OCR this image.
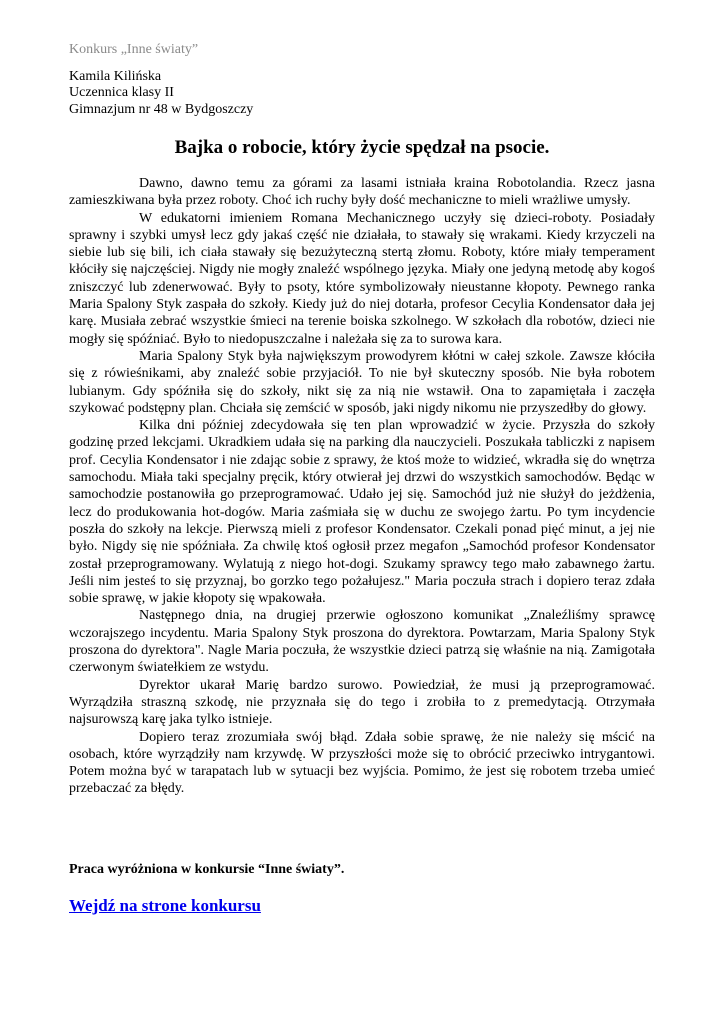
Konkurs „Inne światy”

Kamila Kilińska
Uczennica klasy II
Gimnazjum nr 48 w Bydgoszczy
Bajka o robocie, który życie spędzał na psocie.

Dawno, dawno temu za górami za lasami istniała kraina Robotolandia. Rzecz jasna zamieszkiwana była przez roboty. Choć ich ruchy były dość mechaniczne to mieli wrażliwe umysły.

W edukatorni imieniem Romana Mechanicznego uczyły się dzieci-roboty. Posiadały sprawny i szybki umysł lecz gdy jakaś część nie działała, to stawały się wrakami. Kiedy krzyczeli na siebie lub się bili, ich ciała stawały się bezużyteczną stertą złomu. Roboty, które miały temperament kłóciły się najczęściej. Nigdy nie mogły znaleźć wspólnego języka. Miały one jedyną metodę aby kogoś zniszczyć lub zdenerwować. Były to psoty, które symbolizowały nieustanne kłopoty. Pewnego ranka Maria Spalony Styk zaspała do szkoły. Kiedy już do niej dotarła, profesor Cecylia Kondensator dała jej karę. Musiała zebrać wszystkie śmieci na terenie boiska szkolnego. W szkołach dla robotów, dzieci nie mogły się spóźniać. Było to niedopuszczalne i należała się za to surowa kara.

Maria Spalony Styk była największym prowodyrem kłótni w całej szkole. Zawsze kłóciła się z rówieśnikami, aby znaleźć sobie przyjaciół. To nie był skuteczny sposób. Nie była robotem lubianym. Gdy spóźniła się do szkoły, nikt się za nią nie wstawił. Ona to zapamiętała i zaczęła szykować podstępny plan. Chciała się zemścić w sposób, jaki nigdy nikomu nie przyszedłby do głowy.

Kilka dni później zdecydowała się ten plan wprowadzić w życie. Przyszła do szkoły godzinę przed lekcjami. Ukradkiem udała się na parking dla nauczycieli. Poszukała tabliczki z napisem prof. Cecylia Kondensator i nie zdając sobie z sprawy, że ktoś może to widzieć, wkradła się do wnętrza samochodu. Miała taki specjalny pręcik, który otwierał jej drzwi do wszystkich samochodów. Będąc w samochodzie postanowiła go przeprogramować. Udało jej się. Samochód już nie służył do jeżdżenia, lecz do produkowania hot-dogów. Maria zaśmiała się w duchu ze swojego żartu. Po tym incydencie poszła do szkoły na lekcje. Pierwszą mieli z profesor Kondensator. Czekali ponad pięć minut, a jej nie było. Nigdy się nie spóźniała. Za chwilę ktoś ogłosił przez megafon „Samochód profesor Kondensator został przeprogramowany. Wylatują z niego hot-dogi. Szukamy sprawcy tego mało zabawnego żartu. Jeśli nim jesteś to się przyznaj, bo gorzko tego pożałujesz." Maria poczuła strach i dopiero teraz zdała sobie sprawę, w jakie kłopoty się wpakowała.

Następnego dnia, na drugiej przerwie ogłoszono komunikat „Znaleźliśmy sprawcę wczorajszego incydentu. Maria Spalony Styk proszona do dyrektora. Powtarzam, Maria Spalony Styk proszona do dyrektora". Nagle Maria poczuła, że wszystkie dzieci patrzą się właśnie na nią. Zamigotała czerwonym światełkiem ze wstydu.

Dyrektor ukarał Marię bardzo surowo. Powiedział, że musi ją przeprogramować. Wyrządziła straszną szkodę, nie przyznała się do tego i zrobiła to z premedytacją. Otrzymała najsurowszą karę jaka tylko istnieje.

Dopiero teraz zrozumiała swój błąd. Zdała sobie sprawę, że nie należy się mścić na osobach, które wyrządziły nam krzywdę. W przyszłości może się to obrócić przeciwko intrygantowi. Potem można być w tarapatach lub w sytuacji bez wyjścia. Pomimo, że jest się robotem trzeba umieć przebaczać za błędy.

Praca wyróżniona w konkursie “Inne światy”.

Wejdź na strone konkursu
